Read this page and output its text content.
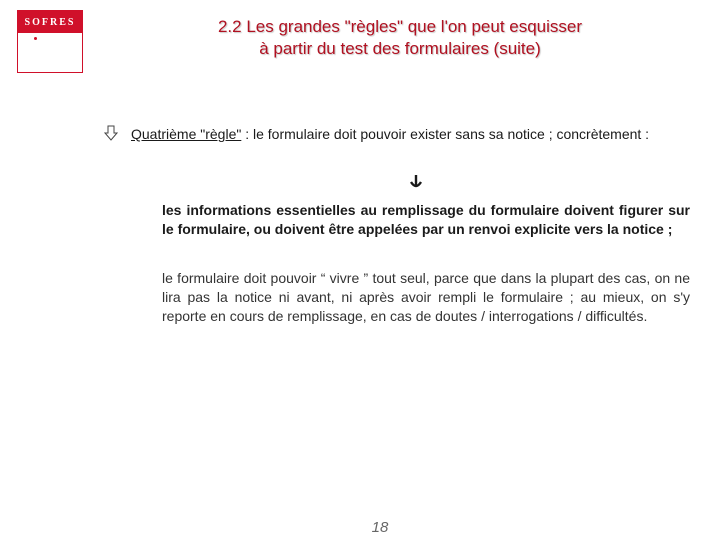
SOFRES	2.2 Les grandes "règles" que l'on peut esquisser
à partir du test des formulaires (suite)
Quatrième "règle" : le formulaire doit pouvoir exister sans sa notice ; concrètement :
les informations essentielles au remplissage du formulaire doivent figurer sur le formulaire, ou doivent être appelées par un renvoi explicite vers la notice ;
le formulaire doit pouvoir “ vivre ” tout seul, parce que dans la plupart des cas, on ne lira pas la notice ni avant, ni après avoir rempli le formulaire ; au mieux, on s'y reporte en cours de remplissage, en cas de doutes / interrogations / difficultés.
18
